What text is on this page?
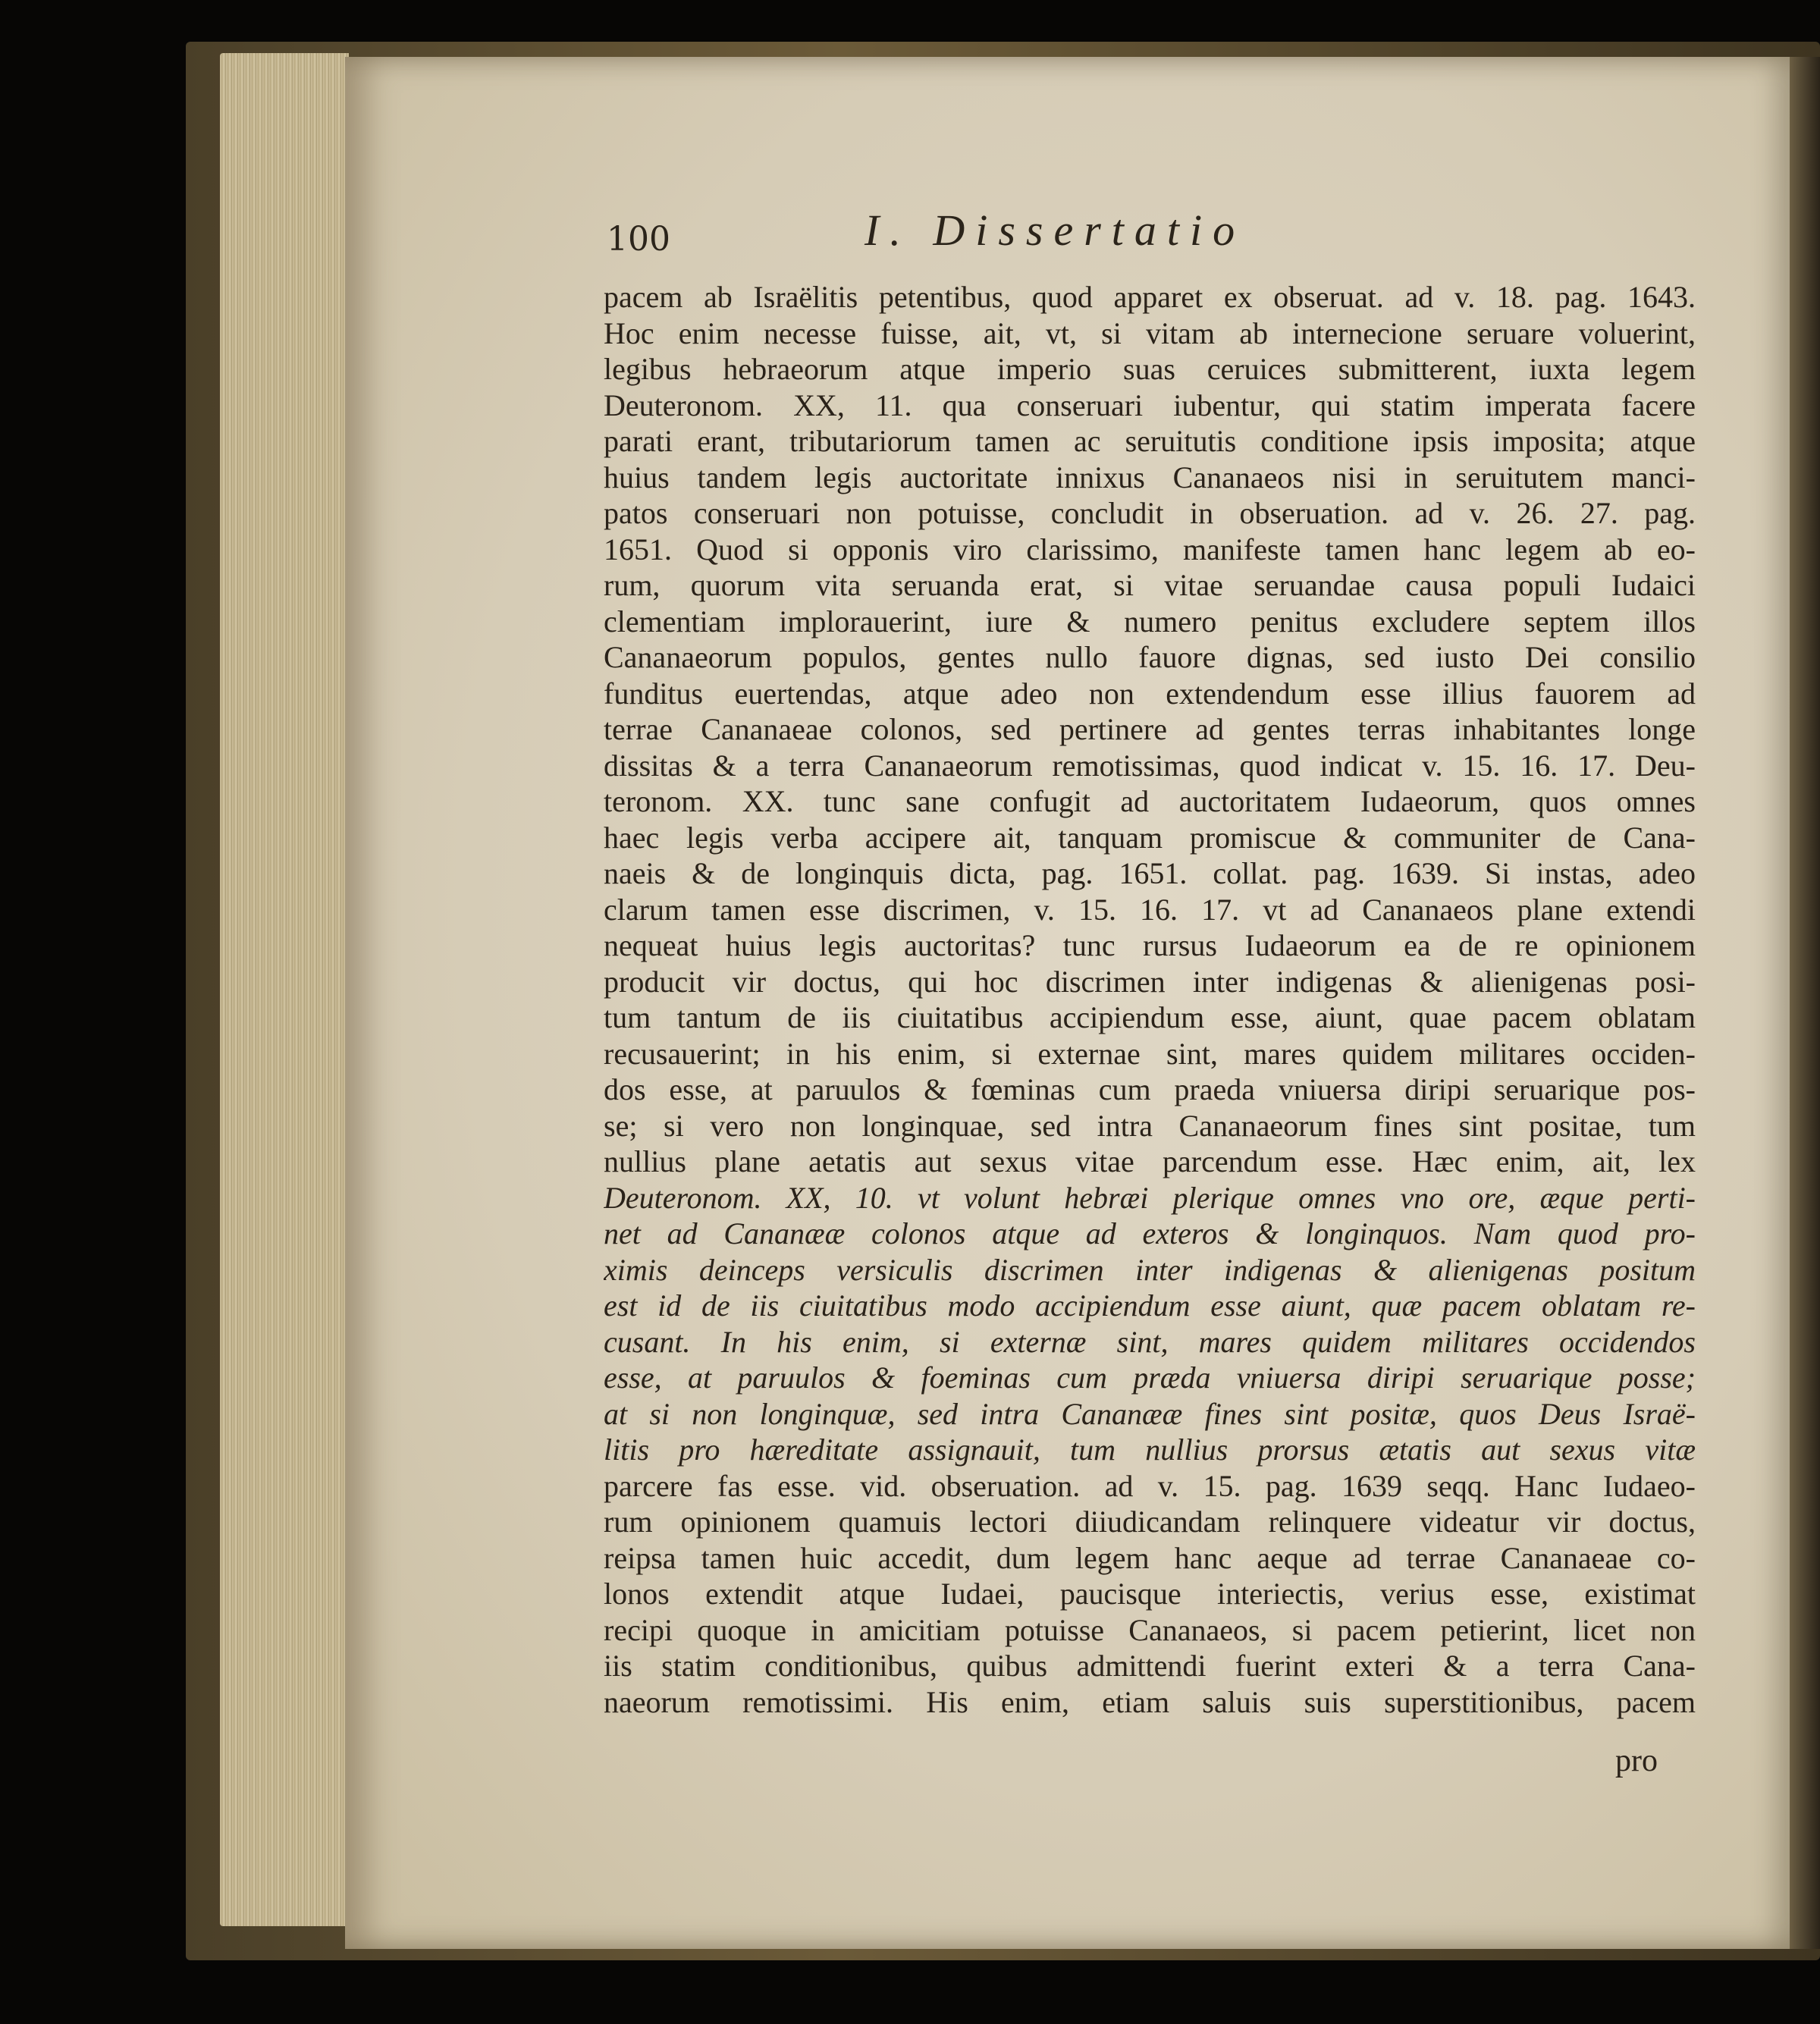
100	I. Dissertatio
pacem ab Israëlitis petentibus, quod apparet ex obseruat. ad v. 18. pag. 1643.
Hoc enim necesse fuisse, ait, vt, si vitam ab internecione seruare voluerint,
legibus hebraeorum atque imperio suas ceruices submitterent, iuxta legem
Deuteronom. XX, 11. qua conseruari iubentur, qui statim imperata facere
parati erant, tributariorum tamen ac seruitutis conditione ipsis imposita; atque
huius tandem legis auctoritate innixus Cananaeos nisi in seruitutem manci-
patos conseruari non potuisse, concludit in obseruation. ad v. 26. 27. pag.
1651. Quod si opponis viro clarissimo, manifeste tamen hanc legem ab eo-
rum, quorum vita seruanda erat, si vitae seruandae causa populi Iudaici
clementiam implorauerint, iure & numero penitus excludere septem illos
Cananaeorum populos, gentes nullo fauore dignas, sed iusto Dei consilio
funditus euertendas, atque adeo non extendendum esse illius fauorem ad
terrae Cananaeae colonos, sed pertinere ad gentes terras inhabitantes longe
dissitas & a terra Cananaeorum remotissimas, quod indicat v. 15. 16. 17. Deu-
teronom. XX. tunc sane confugit ad auctoritatem Iudaeorum, quos omnes
haec legis verba accipere ait, tanquam promiscue & communiter de Cana-
naeis & de longinquis dicta, pag. 1651. collat. pag. 1639. Si instas, adeo
clarum tamen esse discrimen, v. 15. 16. 17. vt ad Cananaeos plane extendi
nequeat huius legis auctoritas? tunc rursus Iudaeorum ea de re opinionem
producit vir doctus, qui hoc discrimen inter indigenas & alienigenas posi-
tum tantum de iis ciuitatibus accipiendum esse, aiunt, quae pacem oblatam
recusauerint; in his enim, si externae sint, mares quidem militares occiden-
dos esse, at paruulos & fœminas cum praeda vniuersa diripi seruarique pos-
se; si vero non longinquae, sed intra Cananaeorum fines sint positae, tum
nullius plane aetatis aut sexus vitae parcendum esse. Hæc enim, ait, lex
Deuteronom. XX, 10. vt volunt hebræi plerique omnes vno ore, æque perti-
net ad Cananææ colonos atque ad exteros & longinquos. Nam quod pro-
ximis deinceps versiculis discrimen inter indigenas & alienigenas positum
est id de iis ciuitatibus modo accipiendum esse aiunt, quæ pacem oblatam re-
cusant. In his enim, si externæ sint, mares quidem militares occidendos
esse, at paruulos & foeminas cum præda vniuersa diripi seruarique posse;
at si non longinquæ, sed intra Cananææ fines sint positæ, quos Deus Israë-
litis pro hæreditate assignauit, tum nullius prorsus ætatis aut sexus vitæ
parcere fas esse. vid. obseruation. ad v. 15. pag. 1639 seqq. Hanc Iudaeo-
rum opinionem quamuis lectori diiudicandam relinquere videatur vir doctus,
reipsa tamen huic accedit, dum legem hanc aeque ad terrae Cananaeae co-
lonos extendit atque Iudaei, paucisque interiectis, verius esse, existimat
recipi quoque in amicitiam potuisse Cananaeos, si pacem petierint, licet non
iis statim conditionibus, quibus admittendi fuerint exteri & a terra Cana-
naeorum remotissimi. His enim, etiam saluis suis superstitionibus, pacem
pro
